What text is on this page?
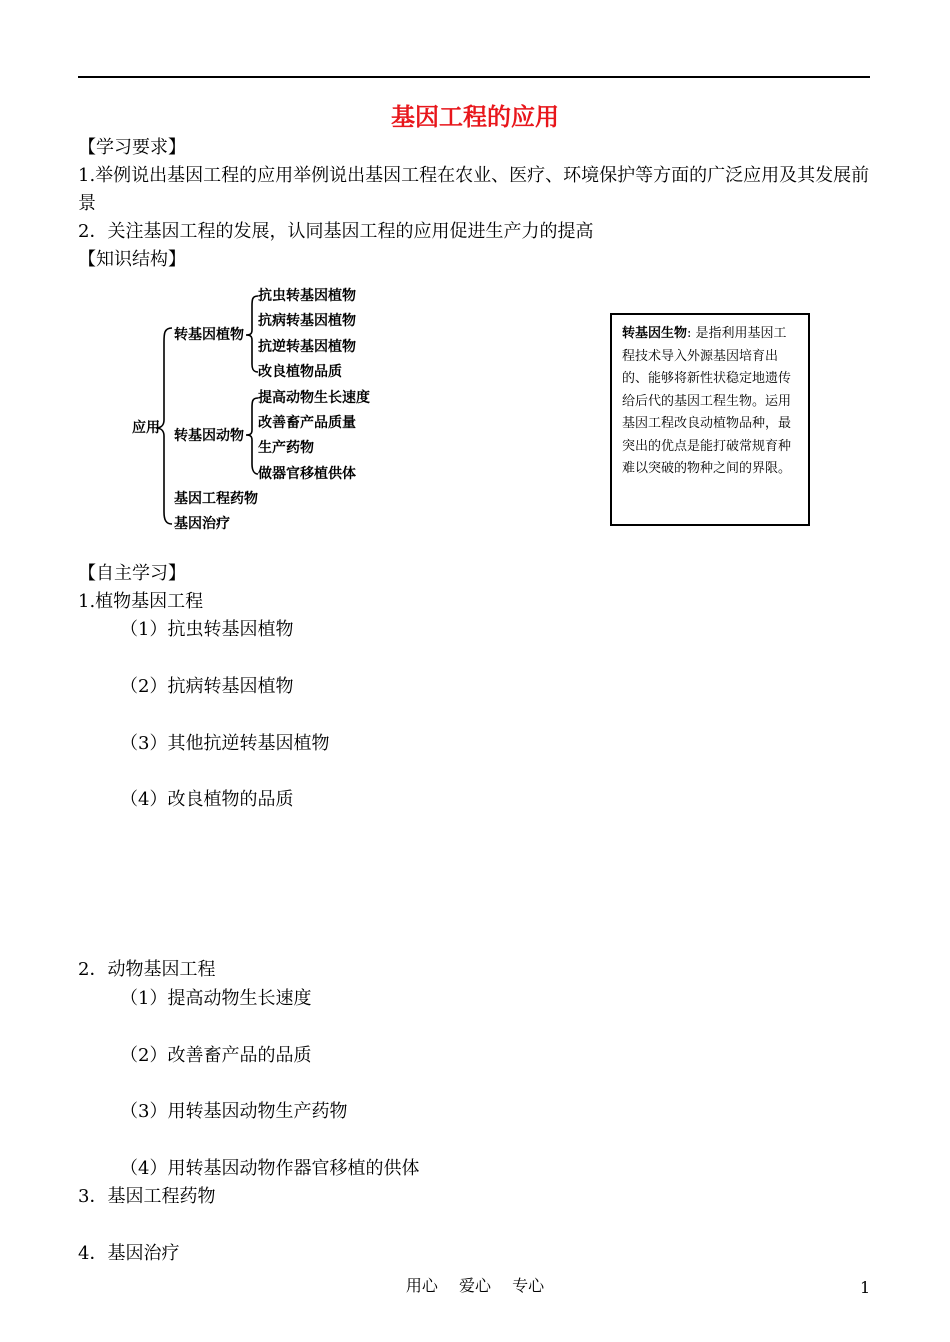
基因工程的应用
【学习要求】
1.举例说出基因工程的应用举例说出基因工程在农业、医疗、环境保护等方面的广泛应用及其发展前景
2．关注基因工程的发展，认同基因工程的应用促进生产力的提高
【知识结构】
应用
转基因植物
抗虫转基因植物
抗病转基因植物
抗逆转基因植物
改良植物品质
转基因动物
提高动物生长速度
改善畜产品质量
生产药物
做器官移植供体
基因工程药物
基因治疗
转基因生物: 是指利用基因工程技术导入外源基因培育出的、能够将新性状稳定地遗传给后代的基因工程生物。运用基因工程改良动植物品种，最突出的优点是能打破常规育种难以突破的物种之间的界限。
【自主学习】
1.植物基因工程
（1）抗虫转基因植物
（2）抗病转基因植物
（3）其他抗逆转基因植物
（4）改良植物的品质
2．动物基因工程
（1）提高动物生长速度
（2）改善畜产品的品质
（3）用转基因动物生产药物
（4）用转基因动物作器官移植的供体
3．基因工程药物
4．基因治疗
用心　 爱心　 专心	1
